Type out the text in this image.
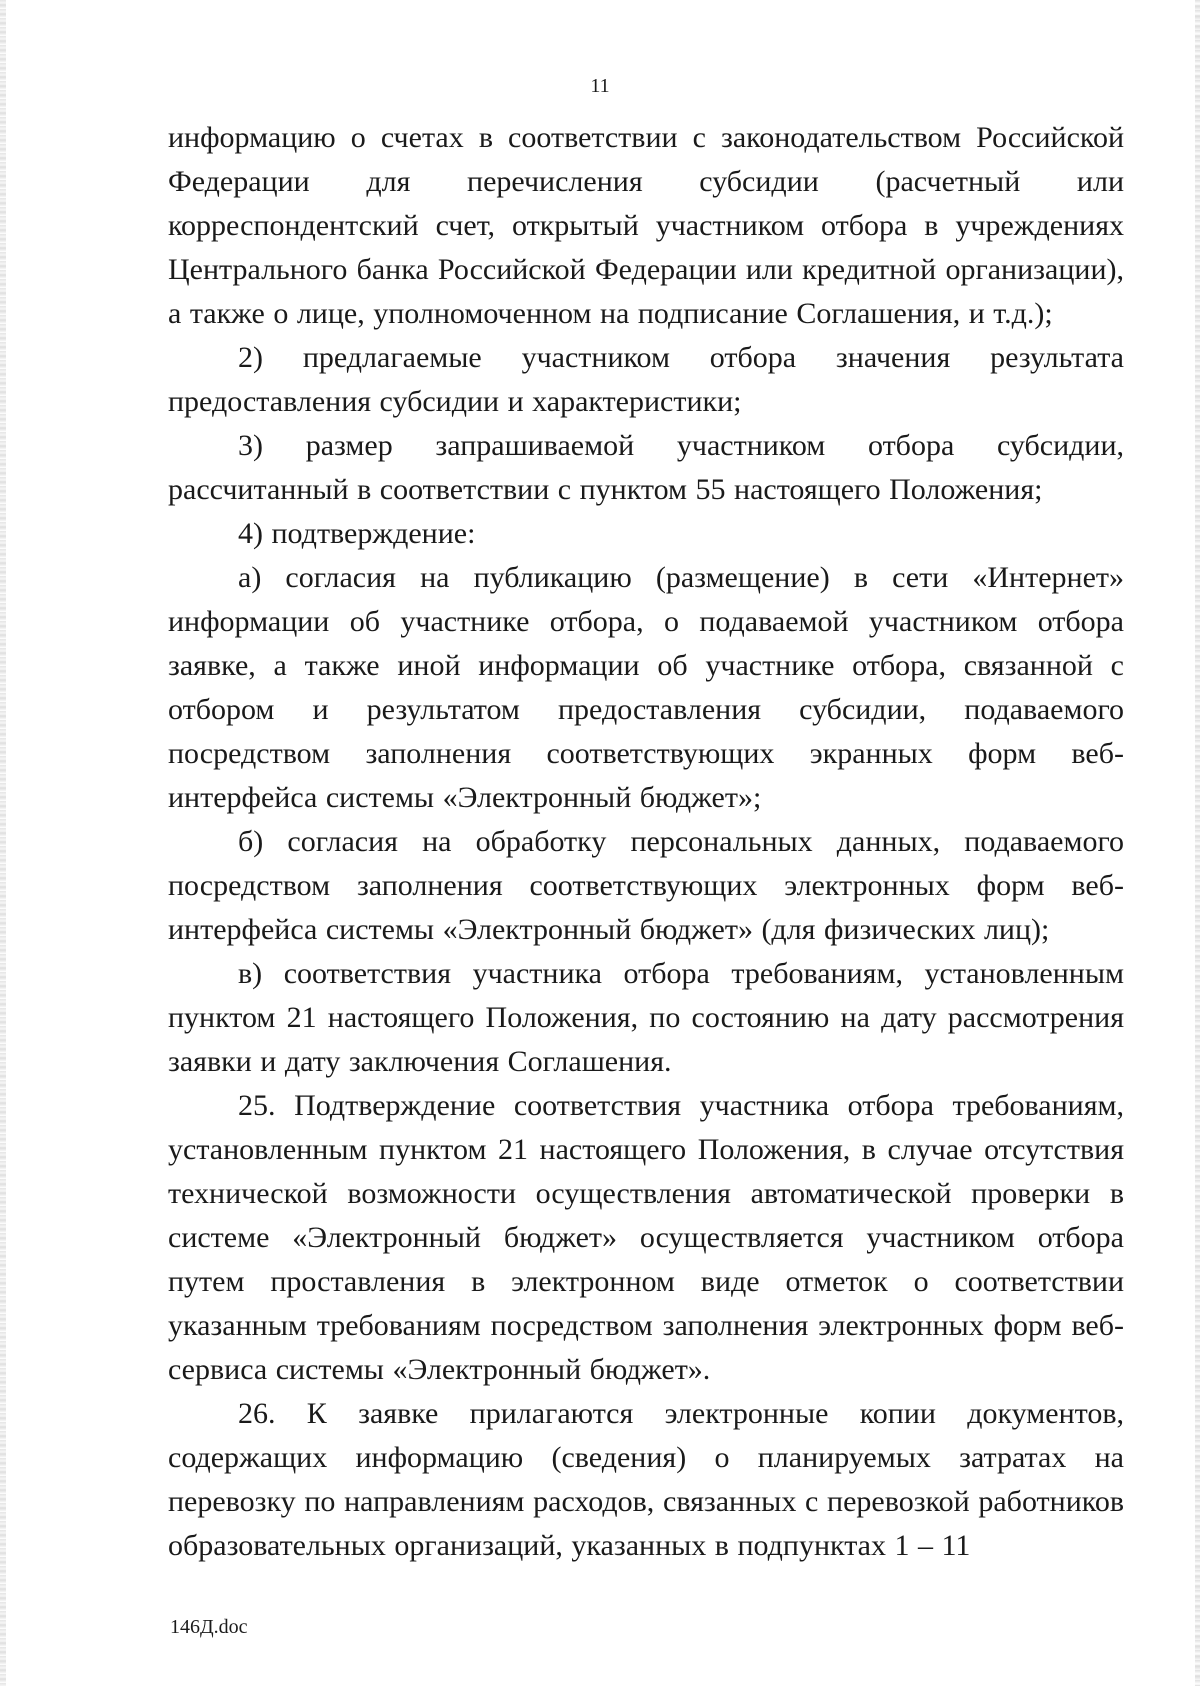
11

информацию о счетах в соответствии с законодательством Российской Федерации для перечисления субсидии (расчетный или корреспондентский счет, открытый участником отбора в учреждениях Центрального банка Российской Федерации или кредитной организации), а также о лице, уполномоченном на подписание Соглашения, и т.д.);

2) предлагаемые участником отбора значения результата предоставления субсидии и характеристики;

3) размер запрашиваемой участником отбора субсидии, рассчитанный в соответствии с пунктом 55 настоящего Положения;

4) подтверждение:

а) согласия на публикацию (размещение) в сети «Интернет» информации об участнике отбора, о подаваемой участником отбора заявке, а также иной информации об участнике отбора, связанной с отбором и результатом предоставления субсидии, подаваемого посредством заполнения соответствующих экранных форм веб-интерфейса системы «Электронный бюджет»;

б) согласия на обработку персональных данных, подаваемого посредством заполнения соответствующих электронных форм веб-интерфейса системы «Электронный бюджет» (для физических лиц);

в) соответствия участника отбора требованиям, установленным пунктом 21 настоящего Положения, по состоянию на дату рассмотрения заявки и дату заключения Соглашения.

25. Подтверждение соответствия участника отбора требованиям, установленным пунктом 21 настоящего Положения, в случае отсутствия технической возможности осуществления автоматической проверки в системе «Электронный бюджет» осуществляется участником отбора путем проставления в электронном виде отметок о соответствии указанным требованиям посредством заполнения электронных форм веб-сервиса системы «Электронный бюджет».

26. К заявке прилагаются электронные копии документов, содержащих информацию (сведения) о планируемых затратах на перевозку по направлениям расходов, связанных с перевозкой работников образовательных организаций, указанных в подпунктах 1 – 11

146Д.doc
